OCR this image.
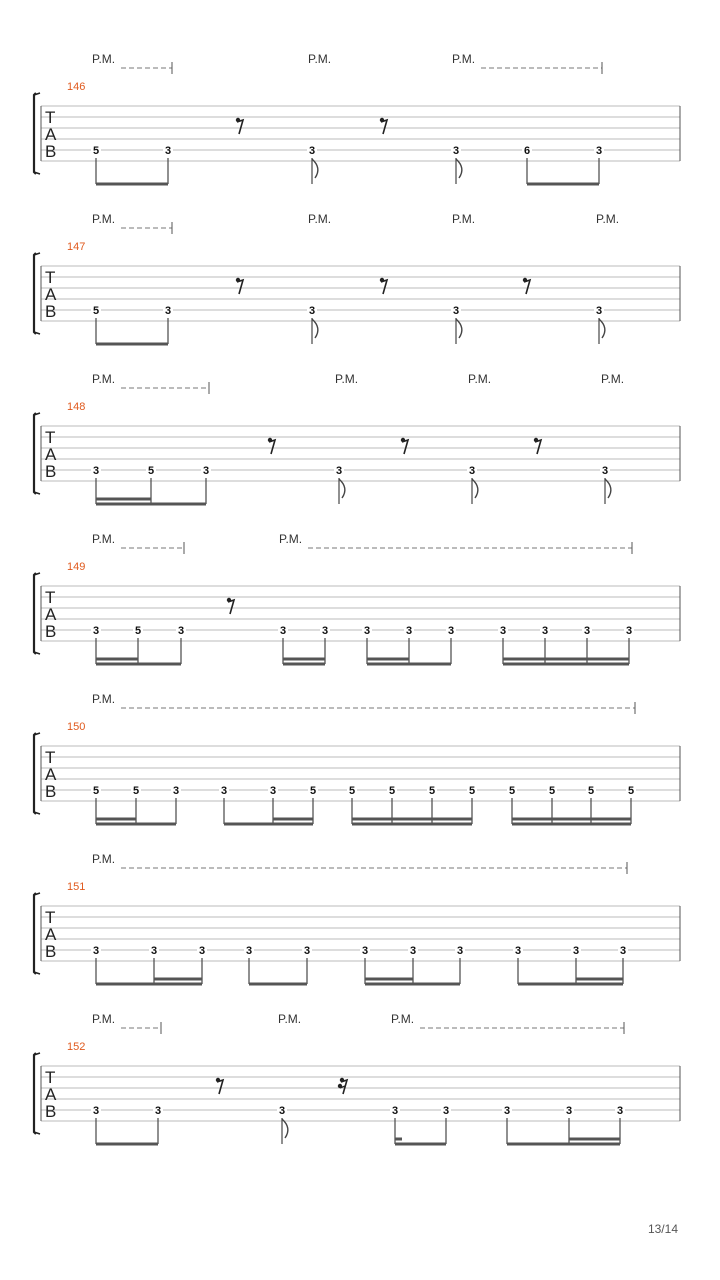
T
A
B
146
P.M.	P.M.	P.M.
5	3	3	3	6	3
T
A
B
147
P.M.	P.M.	P.M.	P.M.
5	3	3	3	3
T
A
B
148
P.M.	P.M.	P.M.	P.M.
3	5	3	3	3	3
T
A
B
149
P.M.	P.M.
3	5	3	3	3	3	3	3	3	3	3	3
T
A
B
150
P.M.
5	5	3	3	3	5	5	5	5	5	5	5	5	5
T
A
B
151
P.M.
3	3	3	3	3	3	3	3	3	3	3
T
A
B
152
P.M.	P.M.	P.M.
3	3	3	3	3	3	3	3
13/14
